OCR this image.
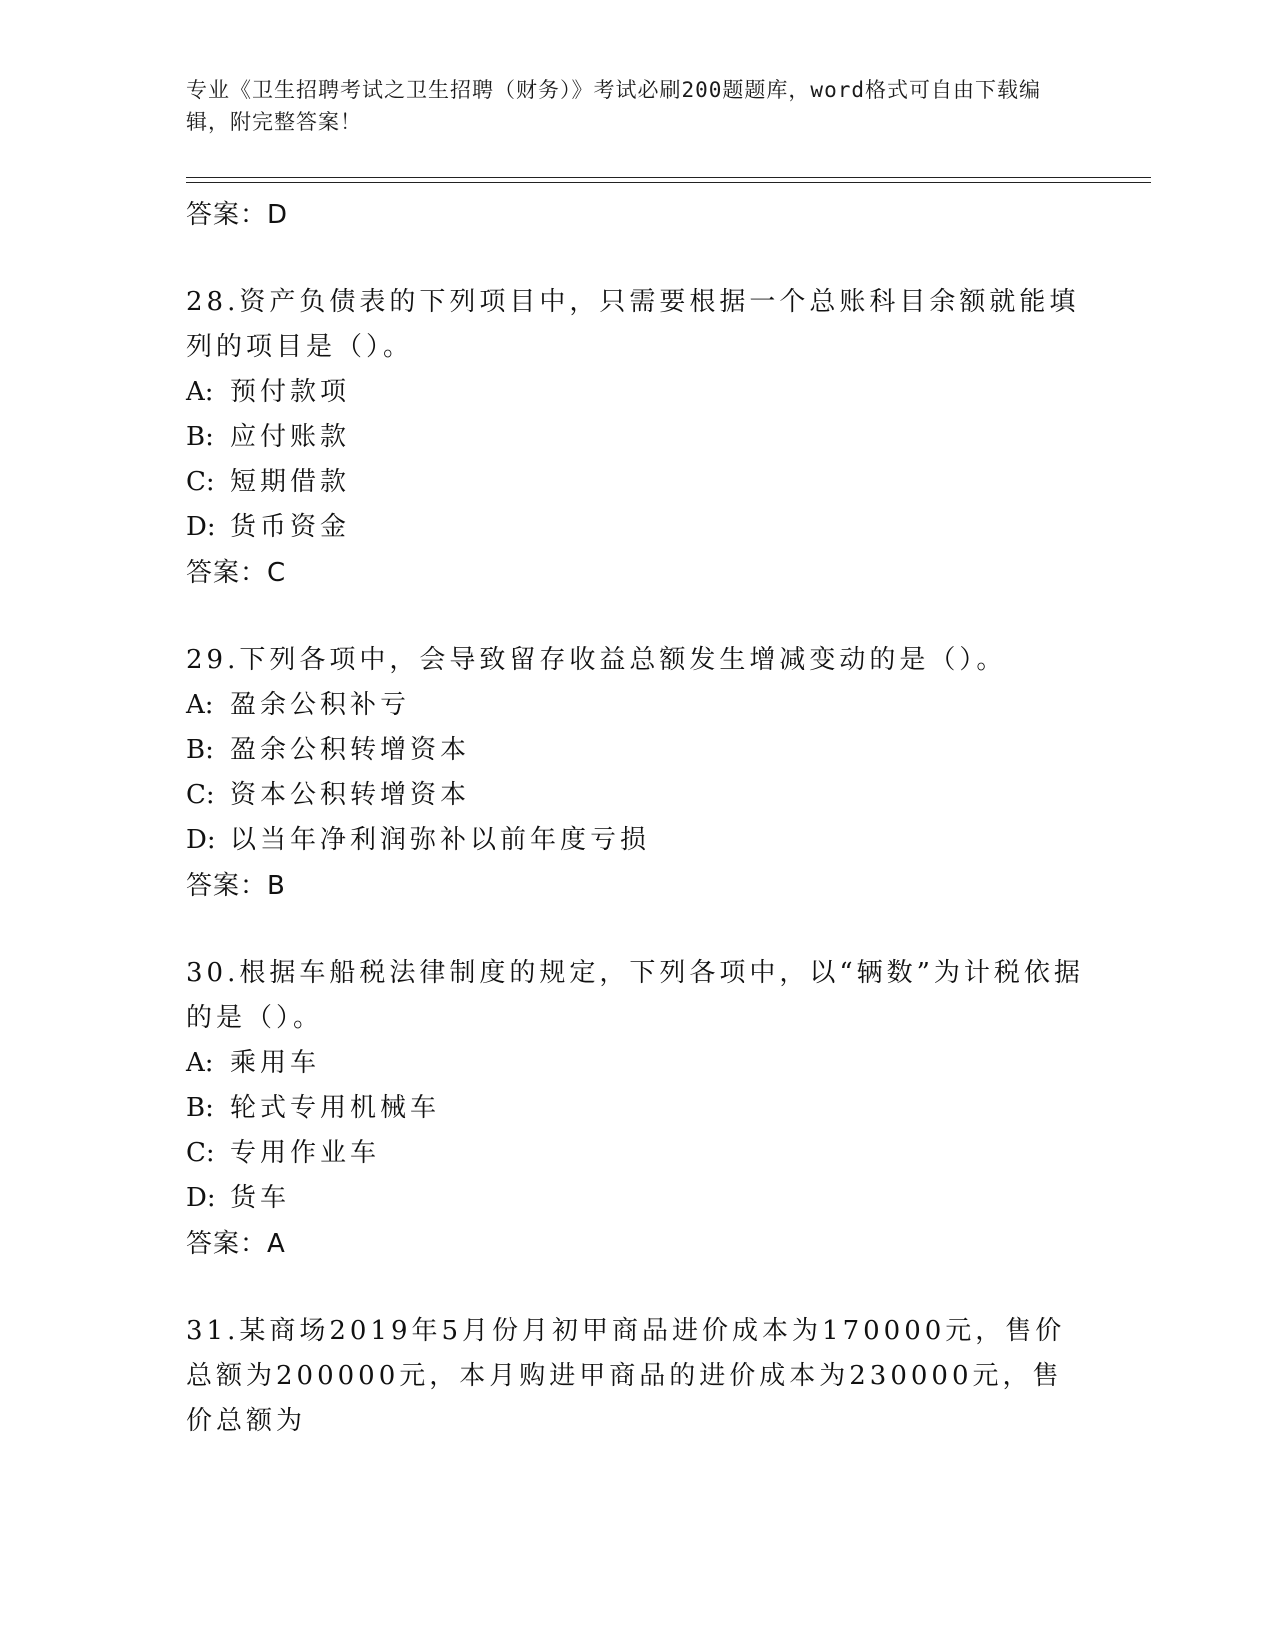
专业《卫生招聘考试之卫生招聘（财务）》考试必刷200题题库，word格式可自由下载编辑，附完整答案！
答案：D
28.资产负债表的下列项目中，只需要根据一个总账科目余额就能填列的项目是（）。
A: 预付款项
B: 应付账款
C: 短期借款
D: 货币资金
答案：C
29.下列各项中，会导致留存收益总额发生增减变动的是（）。
A: 盈余公积补亏
B: 盈余公积转增资本
C: 资本公积转增资本
D: 以当年净利润弥补以前年度亏损
答案：B
30.根据车船税法律制度的规定，下列各项中，以“辆数”为计税依据的是（）。
A: 乘用车
B: 轮式专用机械车
C: 专用作业车
D: 货车
答案：A
31.某商场2019年5月份月初甲商品进价成本为170000元，售价总额为200000元，本月购进甲商品的进价成本为230000元，售价总额为
